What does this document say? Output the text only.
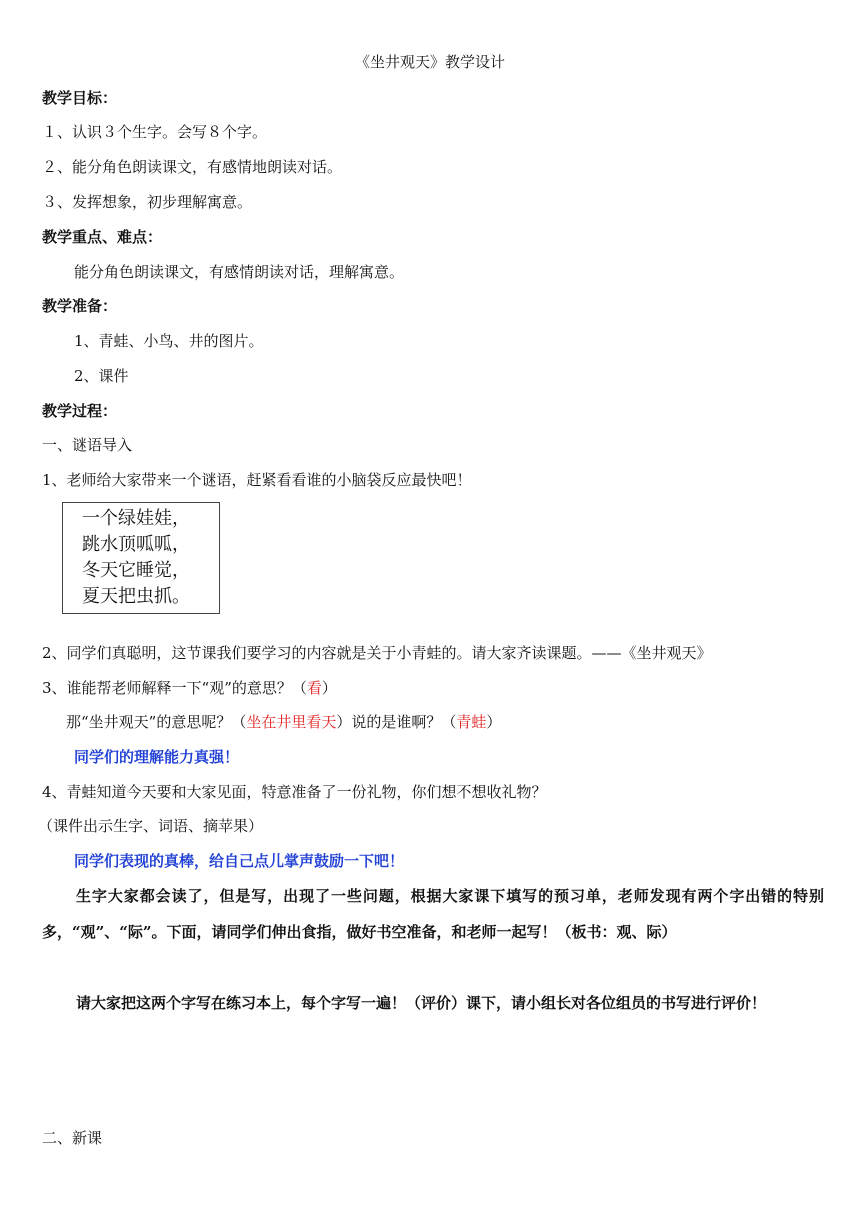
《坐井观天》教学设计
教学目标：
１、认识３个生字。会写８个字。
２、能分角色朗读课文，有感情地朗读对话。
３、发挥想象，初步理解寓意。
教学重点、难点：
能分角色朗读课文，有感情朗读对话，理解寓意。
教学准备：
1、青蛙、小鸟、井的图片。
2、课件
教学过程：
一、谜语导入
1、老师给大家带来一个谜语，赶紧看看谁的小脑袋反应最快吧！
一个绿娃娃，
跳水顶呱呱，
冬天它睡觉，
夏天把虫抓。
2、同学们真聪明，这节课我们要学习的内容就是关于小青蛙的。请大家齐读课题。——《坐井观天》
3、谁能帮老师解释一下“观”的意思？（看）
那“坐井观天”的意思呢？（坐在井里看天）说的是谁啊？（青蛙）
同学们的理解能力真强！
4、青蛙知道今天要和大家见面，特意准备了一份礼物，你们想不想收礼物？
（课件出示生字、词语、摘苹果）
同学们表现的真棒，给自己点儿掌声鼓励一下吧！
生字大家都会读了，但是写，出现了一些问题，根据大家课下填写的预习单，老师发现有两个字出错的特别多，“观”、“际”。下面，请同学们伸出食指，做好书空准备，和老师一起写！（板书：观、际）
请大家把这两个字写在练习本上，每个字写一遍！（评价）课下，请小组长对各位组员的书写进行评价！
二、新课
